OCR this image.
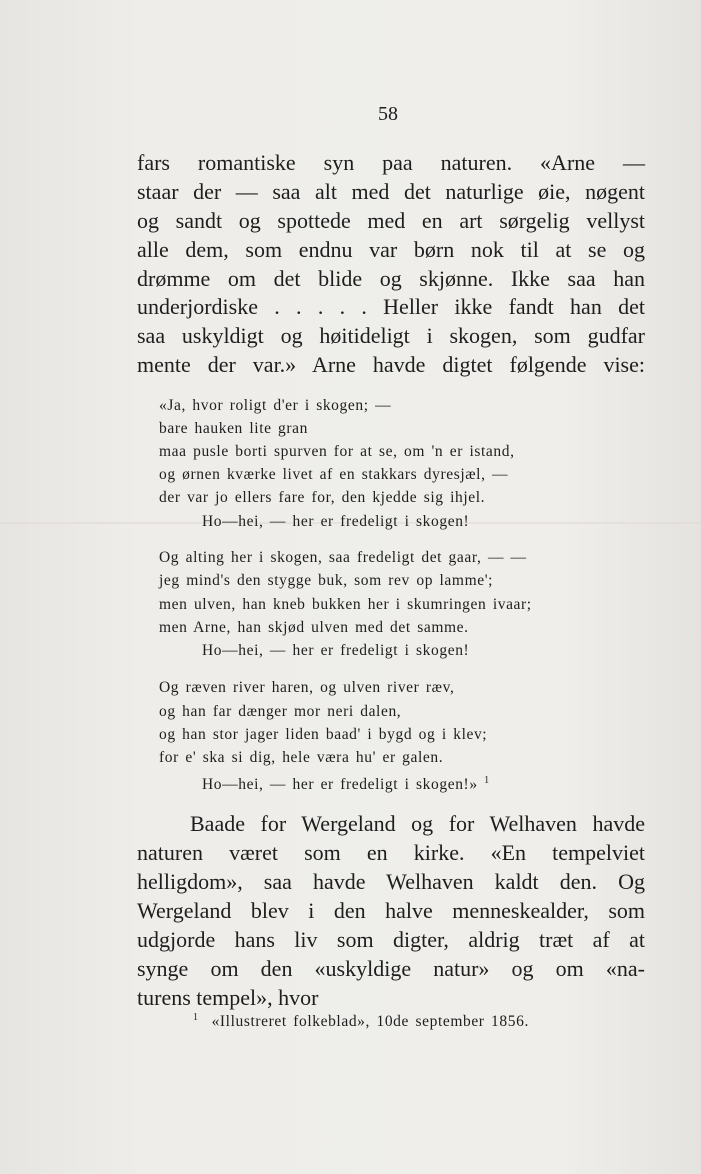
58
fars romantiske syn paa naturen. «Arne —
staar der — saa alt med det naturlige øie, nøgent
og sandt og spottede med en art sørgelig vellyst
alle dem, som endnu var børn nok til at se og
drømme om det blide og skjønne. Ikke saa han
underjordiske . . . . . Heller ikke fandt han det
saa uskyldigt og høitideligt i skogen, som gudfar
mente der var.» Arne havde digtet følgende vise:
«Ja, hvor roligt d'er i skogen; —
bare hauken lite gran
maa pusle borti spurven for at se, om 'n er istand,
og ørnen kværke livet af en stakkars dyresjæl, —
der var jo ellers fare for, den kjedde sig ihjel.
Ho—hei, — her er fredeligt i skogen!
Og alting her i skogen, saa fredeligt det gaar, — —
jeg mind's den stygge buk, som rev op lamme';
men ulven, han kneb bukken her i skumringen ivaar;
men Arne, han skjød ulven med det samme.
Ho—hei, — her er fredeligt i skogen!
Og ræven river haren, og ulven river ræv,
og han far dænger mor neri dalen,
og han stor jager liden baad' i bygd og i klev;
for e' ska si dig, hele væra hu' er galen.
Ho—hei, — her er fredeligt i skogen!» $^1$
Baade for Wergeland og for Welhaven havde
naturen været som en kirke. «En tempelviet
helligdom», saa havde Welhaven kaldt den. Og
Wergeland blev i den halve menneskealder, som
udgjorde hans liv som digter, aldrig træt af at
synge om den «uskyldige natur» og om «na-
turens tempel», hvor
$^1$ «Illustreret folkeblad», 10de september 1856.
